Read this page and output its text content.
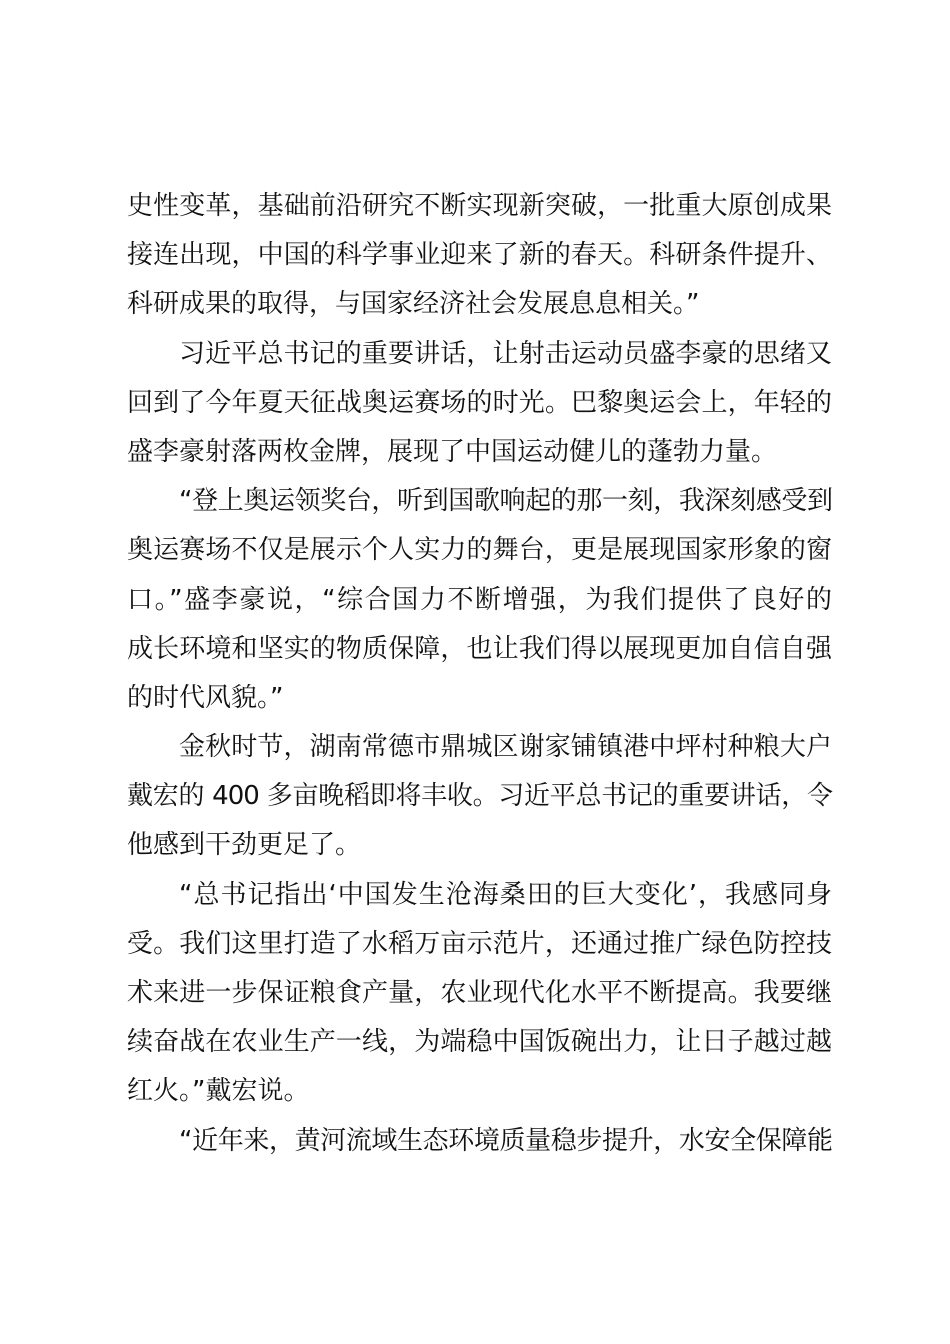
史性变革，基础前沿研究不断实现新突破，一批重大原创成果
接连出现，中国的科学事业迎来了新的春天。科研条件提升、
科研成果的取得，与国家经济社会发展息息相关。”
习近平总书记的重要讲话，让射击运动员盛李豪的思绪又
回到了今年夏天征战奥运赛场的时光。巴黎奥运会上，年轻的
盛李豪射落两枚金牌，展现了中国运动健儿的蓬勃力量。
“登上奥运领奖台，听到国歌响起的那一刻，我深刻感受到
奥运赛场不仅是展示个人实力的舞台，更是展现国家形象的窗
口。”盛李豪说，“综合国力不断增强，为我们提供了良好的
成长环境和坚实的物质保障，也让我们得以展现更加自信自强
的时代风貌。”
金秋时节，湖南常德市鼎城区谢家铺镇港中坪村种粮大户
戴宏的 400 多亩晚稻即将丰收。习近平总书记的重要讲话，令
他感到干劲更足了。
“总书记指出‘中国发生沧海桑田的巨大变化’，我感同身
受。我们这里打造了水稻万亩示范片，还通过推广绿色防控技
术来进一步保证粮食产量，农业现代化水平不断提高。我要继
续奋战在农业生产一线，为端稳中国饭碗出力，让日子越过越
红火。”戴宏说。
“近年来，黄河流域生态环境质量稳步提升，水安全保障能
